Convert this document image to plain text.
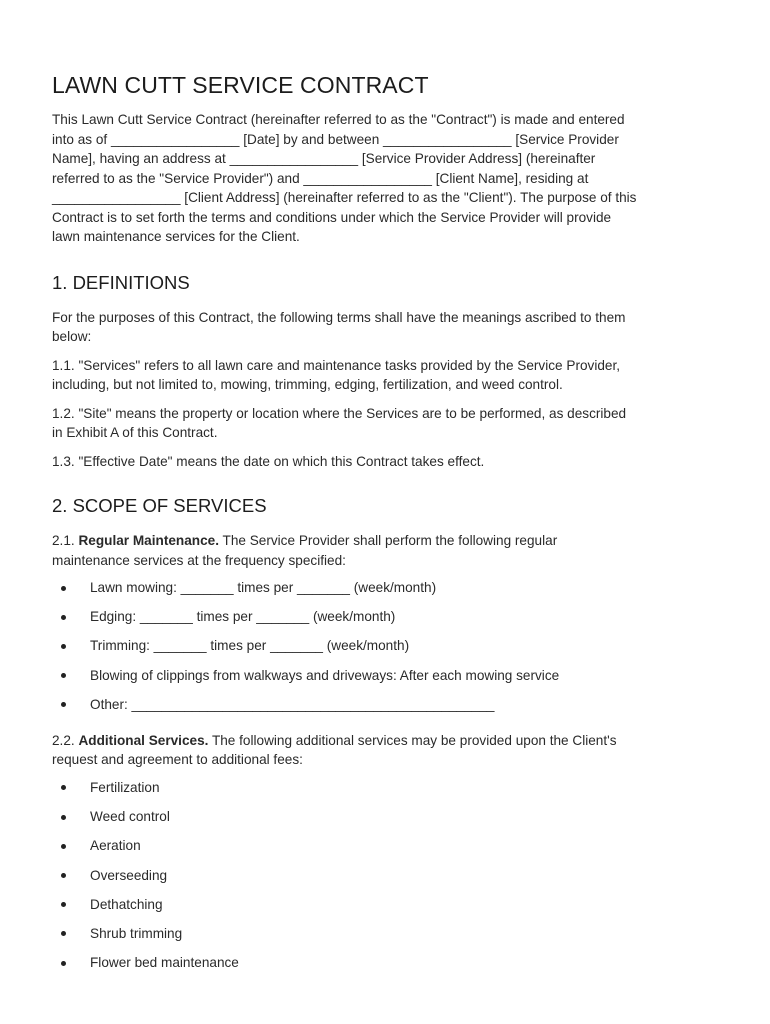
LAWN CUTT SERVICE CONTRACT

This Lawn Cutt Service Contract (hereinafter referred to as the "Contract") is made and entered
into as of _________________ [Date] by and between _________________ [Service Provider
Name], having an address at _________________ [Service Provider Address] (hereinafter
referred to as the "Service Provider") and _________________ [Client Name], residing at
_________________ [Client Address] (hereinafter referred to as the "Client"). The purpose of this
Contract is to set forth the terms and conditions under which the Service Provider will provide
lawn maintenance services for the Client.

1. DEFINITIONS

For the purposes of this Contract, the following terms shall have the meanings ascribed to them
below:

1.1. "Services" refers to all lawn care and maintenance tasks provided by the Service Provider,
including, but not limited to, mowing, trimming, edging, fertilization, and weed control.

1.2. "Site" means the property or location where the Services are to be performed, as described
in Exhibit A of this Contract.

1.3. "Effective Date" means the date on which this Contract takes effect.

2. SCOPE OF SERVICES

2.1. Regular Maintenance. The Service Provider shall perform the following regular
maintenance services at the frequency specified:

Lawn mowing: _______ times per _______ (week/month)
Edging: _______ times per _______ (week/month)
Trimming: _______ times per _______ (week/month)
Blowing of clippings from walkways and driveways: After each mowing service
Other: ________________________________________________

2.2. Additional Services. The following additional services may be provided upon the Client's
request and agreement to additional fees:

Fertilization
Weed control
Aeration
Overseeding
Dethatching
Shrub trimming
Flower bed maintenance
